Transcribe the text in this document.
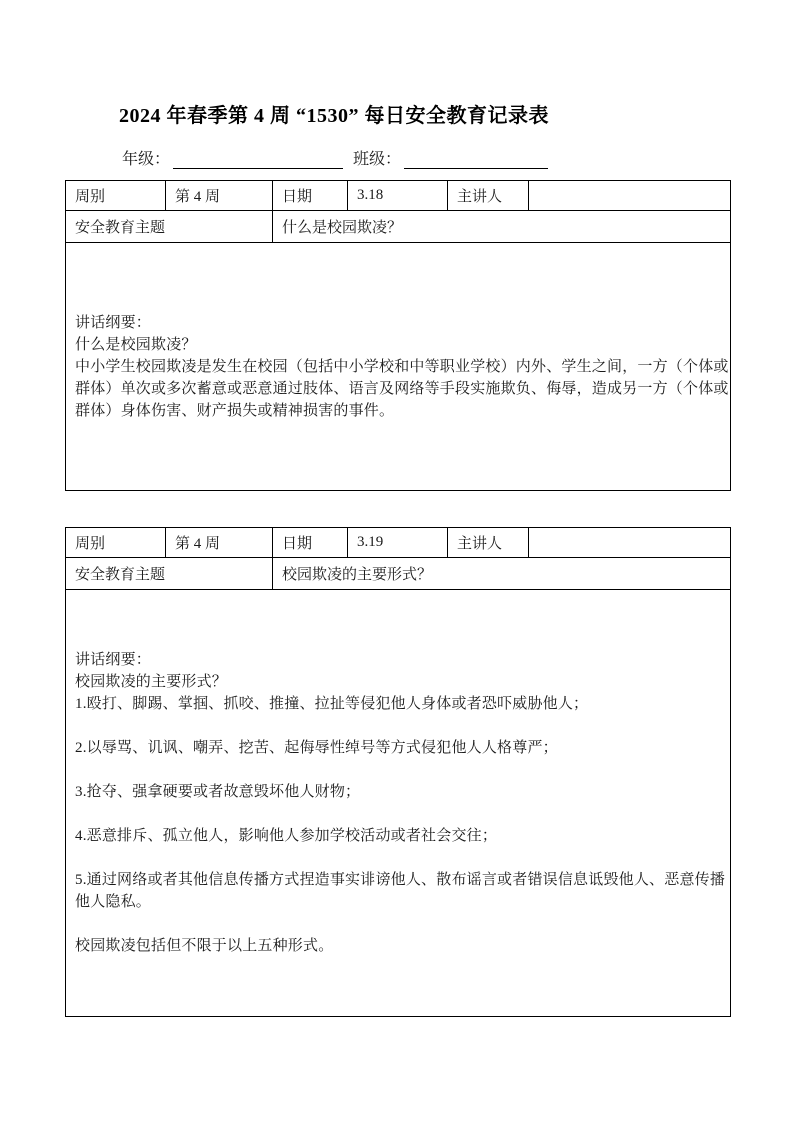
2024 年春季第 4 周 “1530” 每日安全教育记录表
年级：	班级：
周别	第 4 周	日期	3.18	主讲人	
安全教育主题		什么是校园欺凌？			

讲话纲要：
什么是校园欺凌？
中小学生校园欺凌是发生在校园（包括中小学校和中等职业学校）内外、学生之间，一方（个体或群体）单次或多次蓄意或恶意通过肢体、语言及网络等手段实施欺负、侮辱，造成另一方（个体或群体）身体伤害、财产损失或精神损害的事件。					
周别	第 4 周	日期	3.19	主讲人	
安全教育主题		校园欺凌的主要形式？			

讲话纲要：
校园欺凌的主要形式？
1.殴打、脚踢、掌掴、抓咬、推撞、拉扯等侵犯他人身体或者恐吓威胁他人；

2.以辱骂、讥讽、嘲弄、挖苦、起侮辱性绰号等方式侵犯他人人格尊严；

3.抢夺、强拿硬要或者故意毁坏他人财物；

4.恶意排斥、孤立他人，影响他人参加学校活动或者社会交往；

5.通过网络或者其他信息传播方式捏造事实诽谤他人、散布谣言或者错误信息诋毁他人、恶意传播他人隐私。

校园欺凌包括但不限于以上五种形式。
